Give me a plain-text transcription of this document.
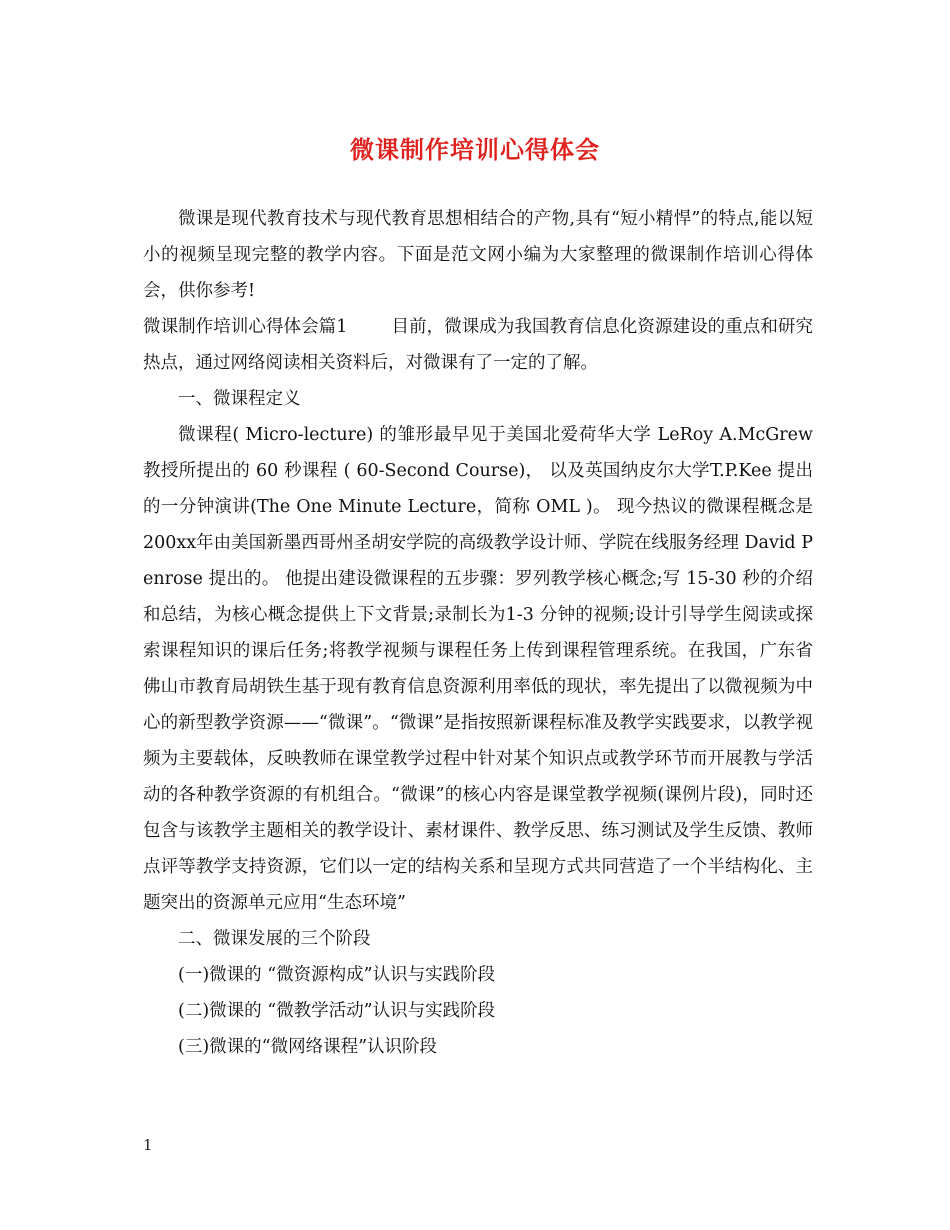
微课制作培训心得体会

微课是现代教育技术与现代教育思想相结合的产物,具有“短小精悍”的特点,能以短小的视频呈现完整的教学内容。下面是范文网小编为大家整理的微课制作培训心得体会，供你参考!

微课制作培训心得体会篇1	目前，微课成为我国教育信息化资源建设的重点和研究热点，通过网络阅读相关资料后，对微课有了一定的了解。

一、微课程定义

微课程( Micro-lecture) 的雏形最早见于美国北爱荷华大学 LeRoy A.McGrew 教授所提出的 60 秒课程 ( 60-Second Course)， 以及英国纳皮尔大学T.P.Kee 提出的一分钟演讲(The One Minute Lecture，简称 OML )。 现今热议的微课程概念是 200xx年由美国新墨西哥州圣胡安学院的高级教学设计师、学院在线服务经理 David Penrose 提出的。 他提出建设微课程的五步骤：罗列教学核心概念;写 15-30 秒的介绍和总结，为核心概念提供上下文背景;录制长为1-3 分钟的视频;设计引导学生阅读或探索课程知识的课后任务;将教学视频与课程任务上传到课程管理系统。在我国，广东省佛山市教育局胡铁生基于现有教育信息资源利用率低的现状，率先提出了以微视频为中心的新型教学资源——“微课”。“微课”是指按照新课程标准及教学实践要求，以教学视频为主要载体，反映教师在课堂教学过程中针对某个知识点或教学环节而开展教与学活动的各种教学资源的有机组合。“微课”的核心内容是课堂教学视频(课例片段)，同时还包含与该教学主题相关的教学设计、素材课件、教学反思、练习测试及学生反馈、教师点评等教学支持资源，它们以一定的结构关系和呈现方式共同营造了一个半结构化、主题突出的资源单元应用“生态环境”

二、微课发展的三个阶段

(一)微课的 “微资源构成”认识与实践阶段

(二)微课的 “微教学活动”认识与实践阶段

(三)微课的“微网络课程”认识阶段

1
